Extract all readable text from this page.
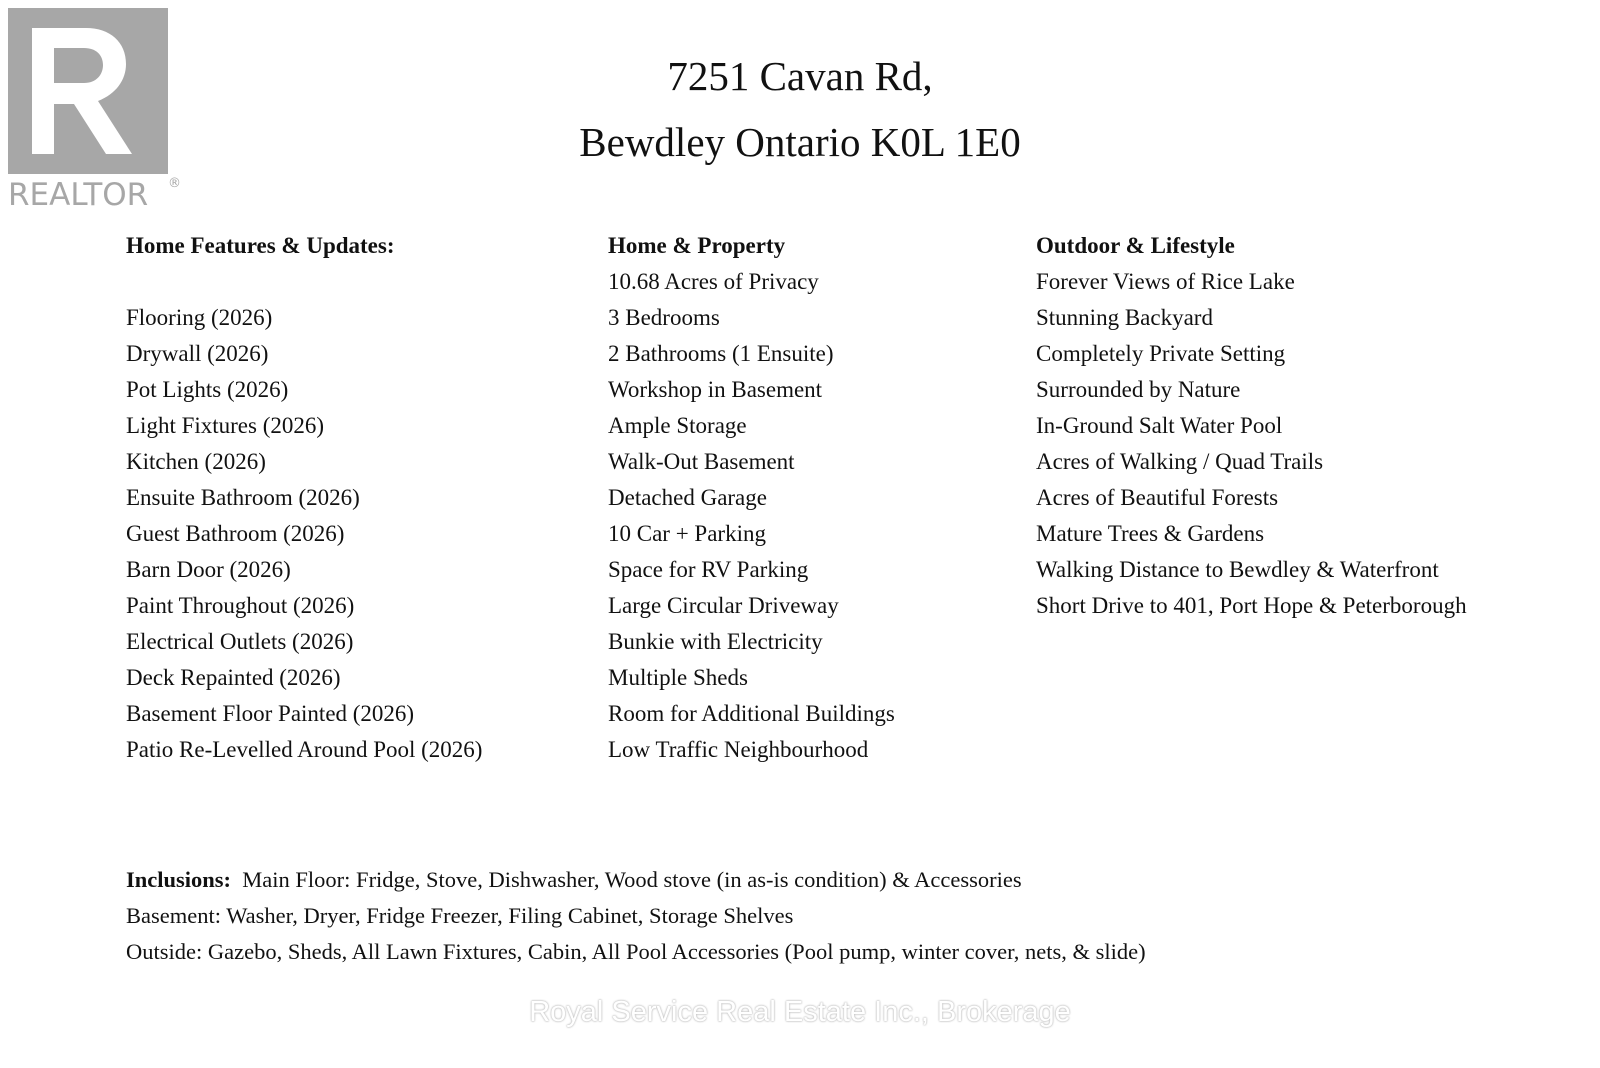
REALTOR ®
7251 Cavan Rd,
Bewdley Ontario K0L 1E0
Home Features & Updates:
Flooring (2026)
Drywall (2026)
Pot Lights (2026)
Light Fixtures (2026)
Kitchen (2026)
Ensuite Bathroom (2026)
Guest Bathroom (2026)
Barn Door (2026)
Paint Throughout (2026)
Electrical Outlets (2026)
Deck Repainted (2026)
Basement Floor Painted (2026)
Patio Re-Levelled Around Pool (2026)
Home & Property
10.68 Acres of Privacy
3 Bedrooms
2 Bathrooms (1 Ensuite)
Workshop in Basement
Ample Storage
Walk-Out Basement
Detached Garage
10 Car + Parking
Space for RV Parking
Large Circular Driveway
Bunkie with Electricity
Multiple Sheds
Room for Additional Buildings
Low Traffic Neighbourhood
Outdoor & Lifestyle
Forever Views of Rice Lake
Stunning Backyard
Completely Private Setting
Surrounded by Nature
In-Ground Salt Water Pool
Acres of Walking / Quad Trails
Acres of Beautiful Forests
Mature Trees & Gardens
Walking Distance to Bewdley & Waterfront
Short Drive to 401, Port Hope & Peterborough
Inclusions: Main Floor: Fridge, Stove, Dishwasher, Wood stove (in as-is condition) & Accessories
Basement: Washer, Dryer, Fridge Freezer, Filing Cabinet, Storage Shelves
Outside: Gazebo, Sheds, All Lawn Fixtures, Cabin, All Pool Accessories (Pool pump, winter cover, nets, & slide)
Royal Service Real Estate Inc., Brokerage
